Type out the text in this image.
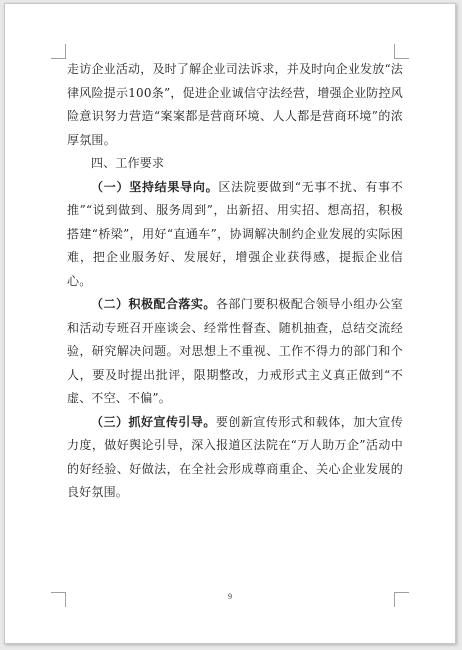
走访企业活动，及时了解企业司法诉求，并及时向企业发放“法律风险提示100条”，促进企业诚信守法经营，增强企业防控风险意识努力营造“案案都是营商环境、人人都是营商环境”的浓厚氛围。

四、工作要求

（一）坚持结果导向。区法院要做到“无事不扰、有事不推”“说到做到、服务周到”，出新招、用实招、想高招，积极搭建“桥梁”，用好“直通车”，协调解决制约企业发展的实际困难，把企业服务好、发展好，增强企业获得感，提振企业信心。

（二）积极配合落实。各部门要积极配合领导小组办公室和活动专班召开座谈会、经常性督查、随机抽查，总结交流经验，研究解决问题。对思想上不重视、工作不得力的部门和个人，要及时提出批评，限期整改，力戒形式主义真正做到“不虚、不空、不偏”。

（三）抓好宣传引导。要创新宣传形式和载体，加大宣传力度，做好舆论引导，深入报道区法院在“万人助万企”活动中的好经验、好做法，在全社会形成尊商重企、关心企业发展的良好氛围。

9
